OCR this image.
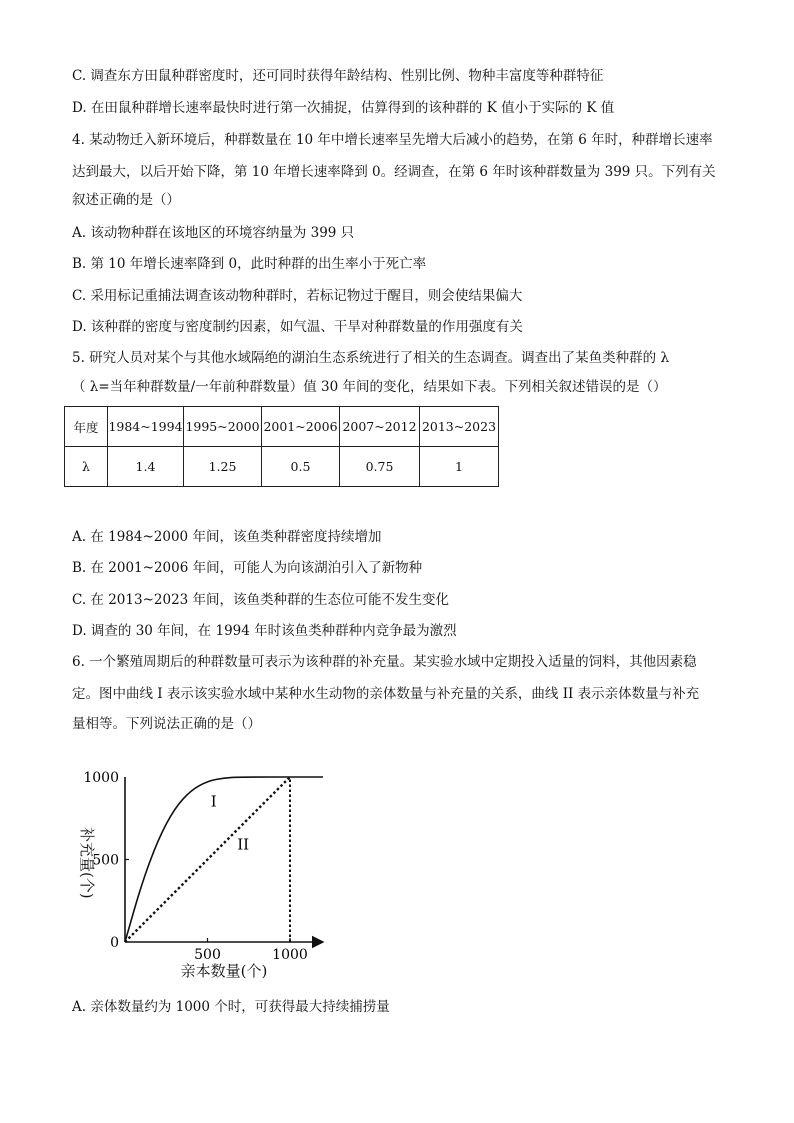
C. 调查东方田鼠种群密度时，还可同时获得年龄结构、性别比例、物种丰富度等种群特征
D. 在田鼠种群增长速率最快时进行第一次捕捉，估算得到的该种群的 K 值小于实际的 K 值
4. 某动物迁入新环境后，种群数量在 10 年中增长速率呈先增大后减小的趋势，在第 6 年时，种群增长速率
达到最大，以后开始下降，第 10 年增长速率降到 0。经调查，在第 6 年时该种群数量为 399 只。下列有关
叙述正确的是（）
A. 该动物种群在该地区的环境容纳量为 399 只
B. 第 10 年增长速率降到 0，此时种群的出生率小于死亡率
C. 采用标记重捕法调查该动物种群时，若标记物过于醒目，则会使结果偏大
D. 该种群的密度与密度制约因素，如气温、干旱对种群数量的作用强度有关
5. 研究人员对某个与其他水域隔绝的湖泊生态系统进行了相关的生态调查。调查出了某鱼类种群的 λ
（ λ=当年种群数量/一年前种群数量）值 30 年间的变化，结果如下表。下列相关叙述错误的是（）
年度	1984~1994	1995~2000	2001~2006	2007~2012	2013~2023
λ	1.4	1.25	0.5	0.75	1
A. 在 1984~2000 年间，该鱼类种群密度持续增加
B. 在 2001~2006 年间，可能人为向该湖泊引入了新物种
C. 在 2013~2023 年间，该鱼类种群的生态位可能不发生变化
D. 调查的 30 年间，在 1994 年时该鱼类种群种内竞争最为激烈
6. 一个繁殖周期后的种群数量可表示为该种群的补充量。某实验水域中定期投入适量的饲料，其他因素稳
定。图中曲线 I 表示该实验水域中某种水生动物的亲体数量与补充量的关系，曲线 II 表示亲体数量与补充
量相等。下列说法正确的是（）
0
500
1000
500	1000
I
II
补充量(个)
亲本数量(个)
A. 亲体数量约为 1000 个时，可获得最大持续捕捞量
